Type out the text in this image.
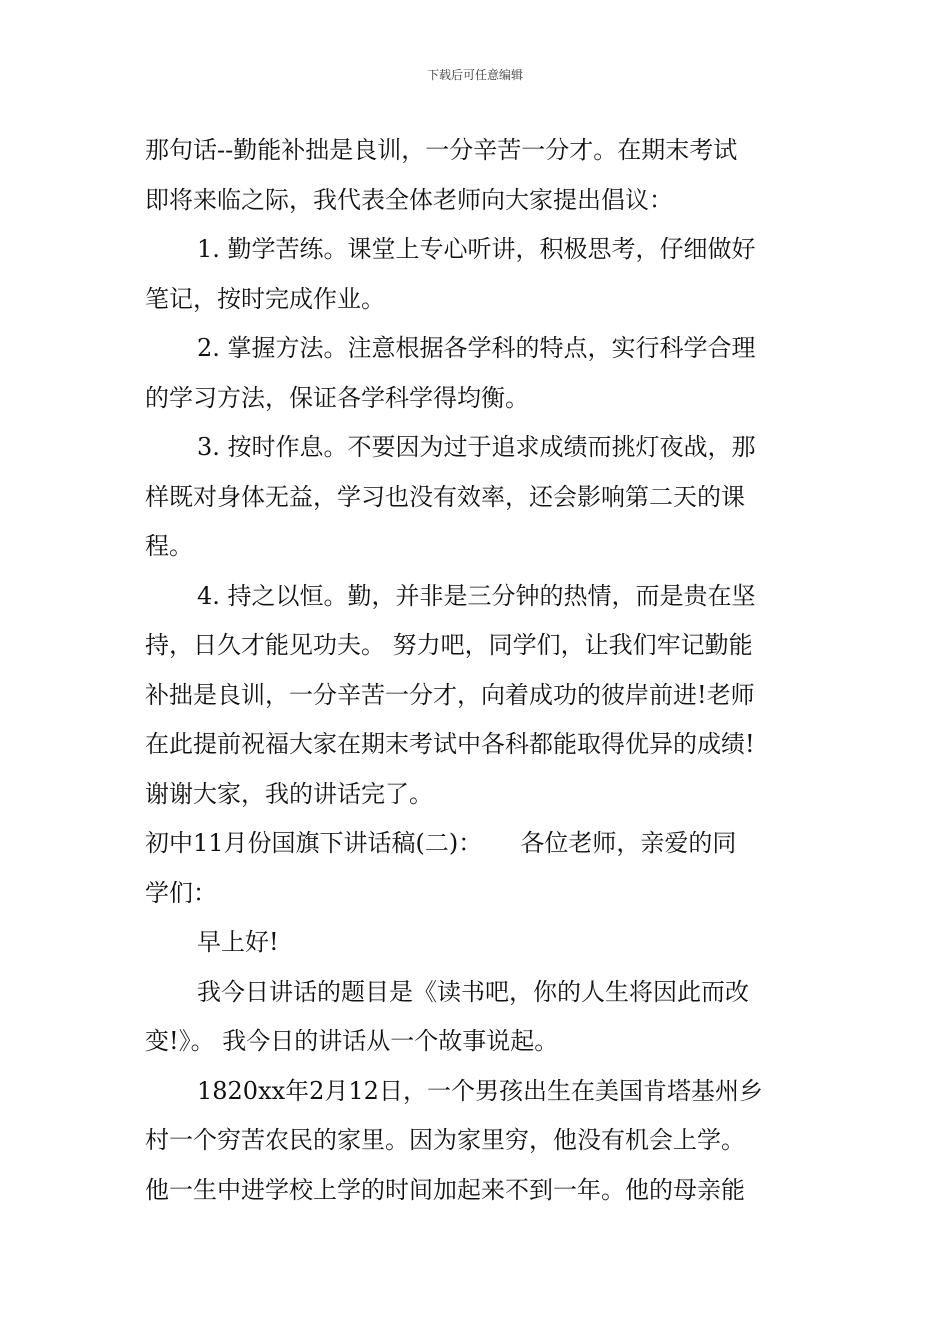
下载后可任意编辑
那句话--勤能补拙是良训，一分辛苦一分才。在期末考试
即将来临之际，我代表全体老师向大家提出倡议：
1. 勤学苦练。课堂上专心听讲，积极思考，仔细做好
笔记，按时完成作业。
2. 掌握方法。注意根据各学科的特点，实行科学合理
的学习方法，保证各学科学得均衡。
3. 按时作息。不要因为过于追求成绩而挑灯夜战，那
样既对身体无益，学习也没有效率，还会影响第二天的课
程。
4. 持之以恒。勤，并非是三分钟的热情，而是贵在坚
持，日久才能见功夫。 努力吧，同学们，让我们牢记勤能
补拙是良训，一分辛苦一分才，向着成功的彼岸前进!老师
在此提前祝福大家在期末考试中各科都能取得优异的成绩!
谢谢大家，我的讲话完了。
初中11月份国旗下讲话稿(二)：     各位老师，亲爱的同
学们：
早上好!
我今日讲话的题目是《读书吧，你的人生将因此而改
变!》。 我今日的讲话从一个故事说起。
1820xx年2月12日，一个男孩出生在美国肯塔基州乡
村一个穷苦农民的家里。因为家里穷，他没有机会上学。
他一生中进学校上学的时间加起来不到一年。他的母亲能
